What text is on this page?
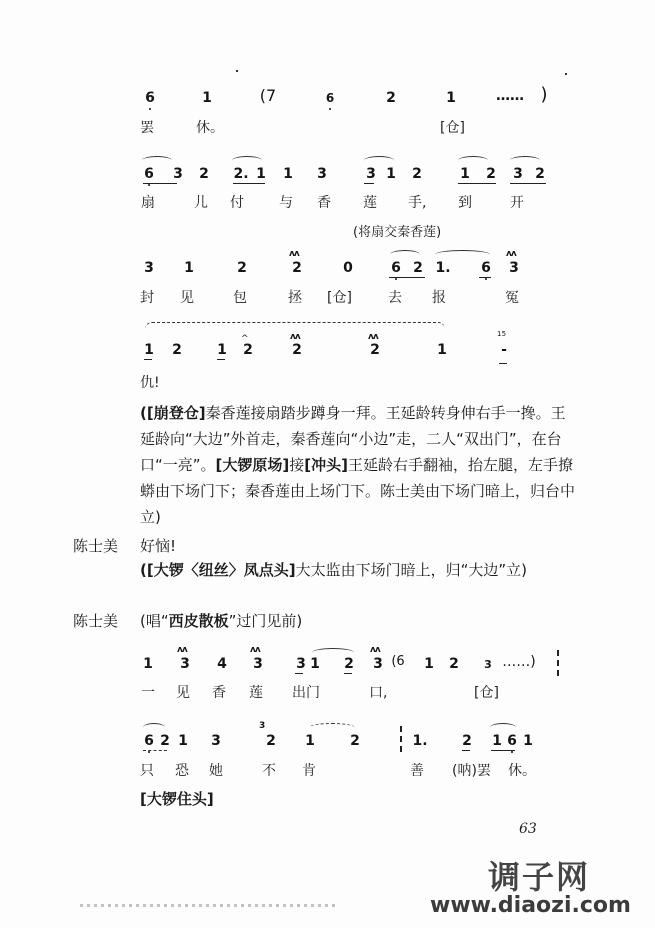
6	1	(7	6	2	1	…… )
罢	休。	[仓]
6 3 2 2. 1 1 3	3 1 2	1 2 3 2
扇	儿 付	与 香 莲 手, 到	开
(将扇交秦香莲)
ʌʌ	ʌʌ
3 1	2	2	0	6 2 1. 6 3
封 见	包	拯 [仓]	去 报	冤
^	ʌʌ	ʌʌ	1 5
1 2	1 2	2	2	1	-
仇!
([崩登仓]秦香莲接扇踏步蹲身一拜。王延龄转身伸右手一搀。王延龄向“大边”外首走，秦香莲向“小边”走，二人“双出门”，在台口“一亮”。[大锣原场]接[冲头]王延龄右手翻袖，抬左腿，左手撩蟒由下场门下；秦香莲由上场门下。陈士美由下场门暗上，归台中立)
陈士美 好恼!
([大锣〈纽丝〉凤点头]大太监由下场门暗上，归“大边”立)
陈士美 (唱“西皮散板”过门见前)
ʌʌ	ʌʌ	ʌʌ
1 3 4 3 3 1 2 3 (6	1 2	3 ……)
一 见 香 莲 出门	口,	[仓]
3
6 2 1 3	2 1	2	1. 2 1 6 1
只 恐 她	不 肯	善 (呐)罢 休。
[大锣住头]
63
调子网
www.diaozi.com
